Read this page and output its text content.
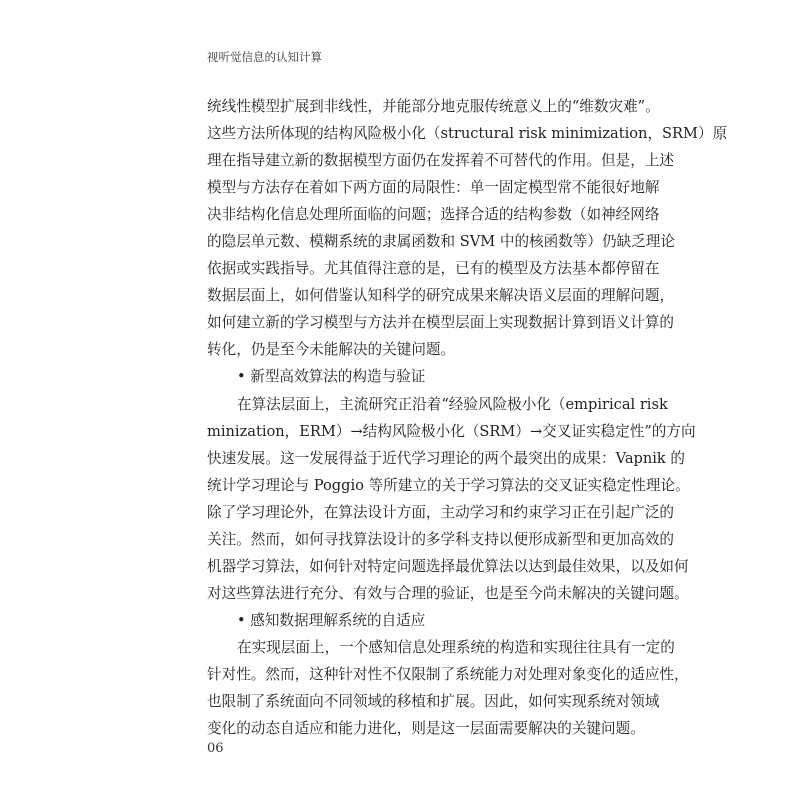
视听觉信息的认知计算
统线性模型扩展到非线性，并能部分地克服传统意义上的“维数灾难”。
这些方法所体现的结构风险极小化（structural risk minimization，SRM）原
理在指导建立新的数据模型方面仍在发挥着不可替代的作用。但是，上述
模型与方法存在着如下两方面的局限性：单一固定模型常不能很好地解
决非结构化信息处理所面临的问题；选择合适的结构参数（如神经网络
的隐层单元数、模糊系统的隶属函数和 SVM 中的核函数等）仍缺乏理论
依据或实践指导。尤其值得注意的是，已有的模型及方法基本都停留在
数据层面上，如何借鉴认知科学的研究成果来解决语义层面的理解问题，
如何建立新的学习模型与方法并在模型层面上实现数据计算到语义计算的
转化，仍是至今未能解决的关键问题。
• 新型高效算法的构造与验证
在算法层面上，主流研究正沿着“经验风险极小化（empirical risk
minization，ERM）→结构风险极小化（SRM）→交叉证实稳定性”的方向
快速发展。这一发展得益于近代学习理论的两个最突出的成果：Vapnik 的
统计学习理论与 Poggio 等所建立的关于学习算法的交叉证实稳定性理论。
除了学习理论外，在算法设计方面，主动学习和约束学习正在引起广泛的
关注。然而，如何寻找算法设计的多学科支持以便形成新型和更加高效的
机器学习算法，如何针对特定问题选择最优算法以达到最佳效果，以及如何
对这些算法进行充分、有效与合理的验证，也是至今尚未解决的关键问题。
• 感知数据理解系统的自适应
在实现层面上，一个感知信息处理系统的构造和实现往往具有一定的
针对性。然而，这种针对性不仅限制了系统能力对处理对象变化的适应性，
也限制了系统面向不同领域的移植和扩展。因此，如何实现系统对领域
变化的动态自适应和能力进化，则是这一层面需要解决的关键问题。
06
